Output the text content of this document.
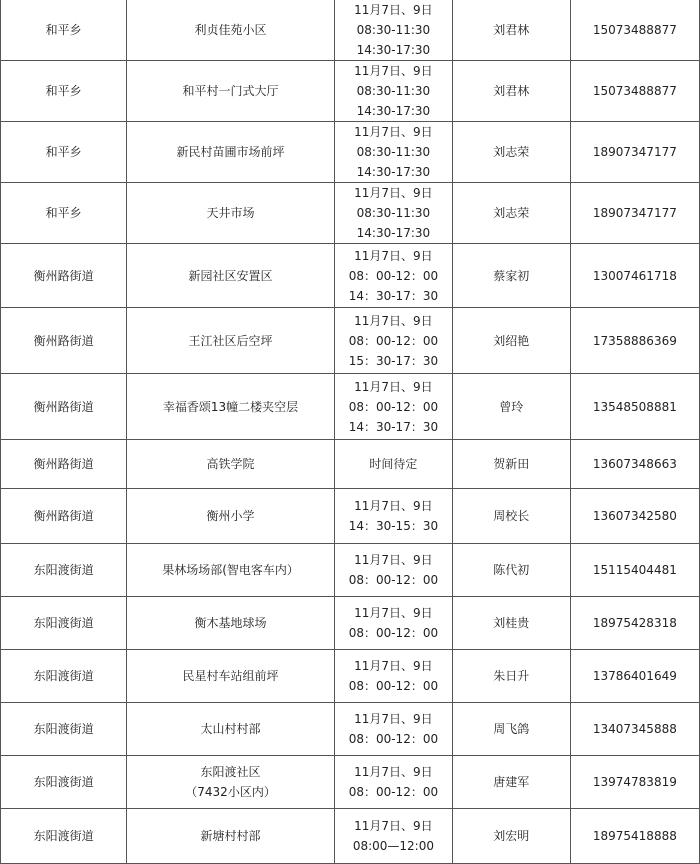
和平乡	利贞佳苑小区	11月7日、9日
08:30-11:30
14:30-17:30	刘君林	15073488877
和平乡	和平村一门式大厅	11月7日、9日
08:30-11:30
14:30-17:30	刘君林	15073488877
和平乡	新民村苗圃市场前坪	11月7日、9日
08:30-11:30
14:30-17:30	刘志荣	18907347177
和平乡	天井市场	11月7日、9日
08:30-11:30
14:30-17:30	刘志荣	18907347177
衡州路街道	新园社区安置区	11月7日、9日
08：00-12：00
14：30-17：30	蔡家初	13007461718
衡州路街道	王江社区后空坪	11月7日、9日
08：00-12：00
15：30-17：30	刘绍艳	17358886369
衡州路街道	幸福香颂13幢二楼夹空层	11月7日、9日
08：00-12：00
14：30-17：30	曾玲	13548508881
衡州路街道	高铁学院	时间待定	贺新田	13607348663
衡州路街道	衡州小学	11月7日、9日
14：30-15：30	周校长	13607342580
东阳渡街道	果林场场部(智电客车内）	11月7日、9日
08：00-12：00	陈代初	15115404481
东阳渡街道	衡木基地球场	11月7日、9日
08：00-12：00	刘桂贵	18975428318
东阳渡街道	民星村车站组前坪	11月7日、9日
08：00-12：00	朱日升	13786401649
东阳渡街道	太山村村部	11月7日、9日
08：00-12：00	周飞鸽	13407345888
东阳渡街道	东阳渡社区
（7432小区内）	11月7日、9日
08：00-12：00	唐建军	13974783819
东阳渡街道	新塘村村部	11月7日、9日
08:00—12:00	刘宏明	18975418888
